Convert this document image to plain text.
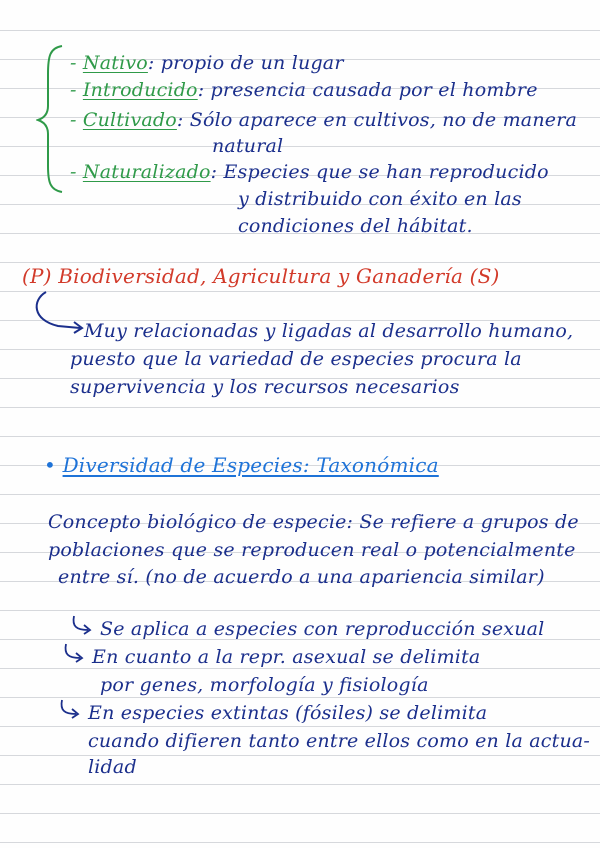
- Nativo: propio de un lugar
- Introducido: presencia causada por el hombre
- Cultivado: Sólo aparece en cultivos, no de manera
natural
- Naturalizado: Especies que se han reproducido
y distribuido con éxito en las
condiciones del hábitat.
(P) Biodiversidad, Agricultura y Ganadería (S)
Muy relacionadas y ligadas al desarrollo humano,
puesto que la variedad de especies procura la
supervivencia y los recursos necesarios
• Diversidad de Especies: Taxonómica
Concepto biológico de especie: Se refiere a grupos de
poblaciones que se reproducen real o potencialmente
entre sí. (no de acuerdo a una apariencia similar)
Se aplica a especies con reproducción sexual
En cuanto a la repr. asexual se delimita
por genes, morfología y fisiología
En especies extintas (fósiles) se delimita
cuando difieren tanto entre ellos como en la actua-
lidad
